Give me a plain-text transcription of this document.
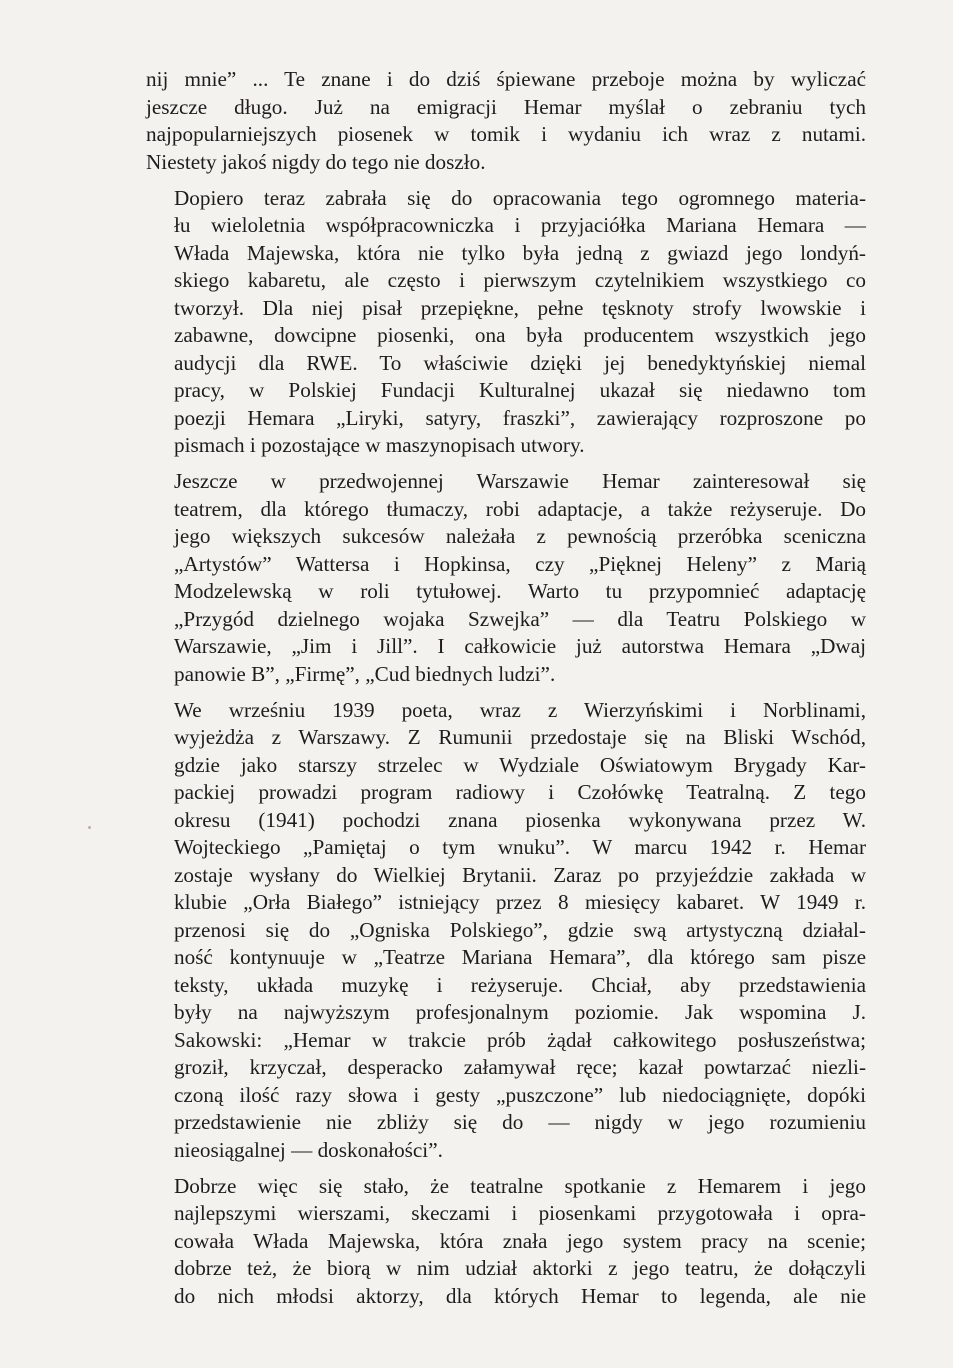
nij mnie” ... Te znane i do dziś śpiewane przeboje można by wyliczać
jeszcze długo. Już na emigracji Hemar myślał o zebraniu tych
najpopularniejszych piosenek w tomik i wydaniu ich wraz z nutami.
Niestety jakoś nigdy do tego nie doszło.
Dopiero teraz zabrała się do opracowania tego ogromnego materia-
łu wieloletnia współpracowniczka i przyjaciółka Mariana Hemara —
Włada Majewska, która nie tylko była jedną z gwiazd jego londyń-
skiego kabaretu, ale często i pierwszym czytelnikiem wszystkiego co
tworzył. Dla niej pisał przepiękne, pełne tęsknoty strofy lwowskie i
zabawne, dowcipne piosenki, ona była producentem wszystkich jego
audycji dla RWE. To właściwie dzięki jej benedyktyńskiej niemal
pracy, w Polskiej Fundacji Kulturalnej ukazał się niedawno tom
poezji Hemara „Liryki, satyry, fraszki”, zawierający rozproszone po
pismach i pozostające w maszynopisach utwory.
Jeszcze w przedwojennej Warszawie Hemar zainteresował się
teatrem, dla którego tłumaczy, robi adaptacje, a także reżyseruje. Do
jego większych sukcesów należała z pewnością przeróbka sceniczna
„Artystów” Wattersa i Hopkinsa, czy „Pięknej Heleny” z Marią
Modzelewską w roli tytułowej. Warto tu przypomnieć adaptację
„Przygód dzielnego wojaka Szwejka” — dla Teatru Polskiego w
Warszawie, „Jim i Jill”. I całkowicie już autorstwa Hemara „Dwaj
panowie B”, „Firmę”, „Cud biednych ludzi”.
We wrześniu 1939 poeta, wraz z Wierzyńskimi i Norblinami,
wyjeżdża z Warszawy. Z Rumunii przedostaje się na Bliski Wschód,
gdzie jako starszy strzelec w Wydziale Oświatowym Brygady Kar-
packiej prowadzi program radiowy i Czołówkę Teatralną. Z tego
okresu (1941) pochodzi znana piosenka wykonywana przez W.
Wojteckiego „Pamiętaj o tym wnuku”. W marcu 1942 r. Hemar
zostaje wysłany do Wielkiej Brytanii. Zaraz po przyjeździe zakłada w
klubie „Orła Białego” istniejący przez 8 miesięcy kabaret. W 1949 r.
przenosi się do „Ogniska Polskiego”, gdzie swą artystyczną działal-
ność kontynuuje w „Teatrze Mariana Hemara”, dla którego sam pisze
teksty, układa muzykę i reżyseruje. Chciał, aby przedstawienia
były na najwyższym profesjonalnym poziomie. Jak wspomina J.
Sakowski: „Hemar w trakcie prób żądał całkowitego posłuszeństwa;
groził, krzyczał, desperacko załamywał ręce; kazał powtarzać niezli-
czoną ilość razy słowa i gesty „puszczone” lub niedociągnięte, dopóki
przedstawienie nie zbliży się do — nigdy w jego rozumieniu
nieosiągalnej — doskonałości”.
Dobrze więc się stało, że teatralne spotkanie z Hemarem i jego
najlepszymi wierszami, skeczami i piosenkami przygotowała i opra-
cowała Włada Majewska, która znała jego system pracy na scenie;
dobrze też, że biorą w nim udział aktorki z jego teatru, że dołączyli
do nich młodsi aktorzy, dla których Hemar to legenda, ale nie
